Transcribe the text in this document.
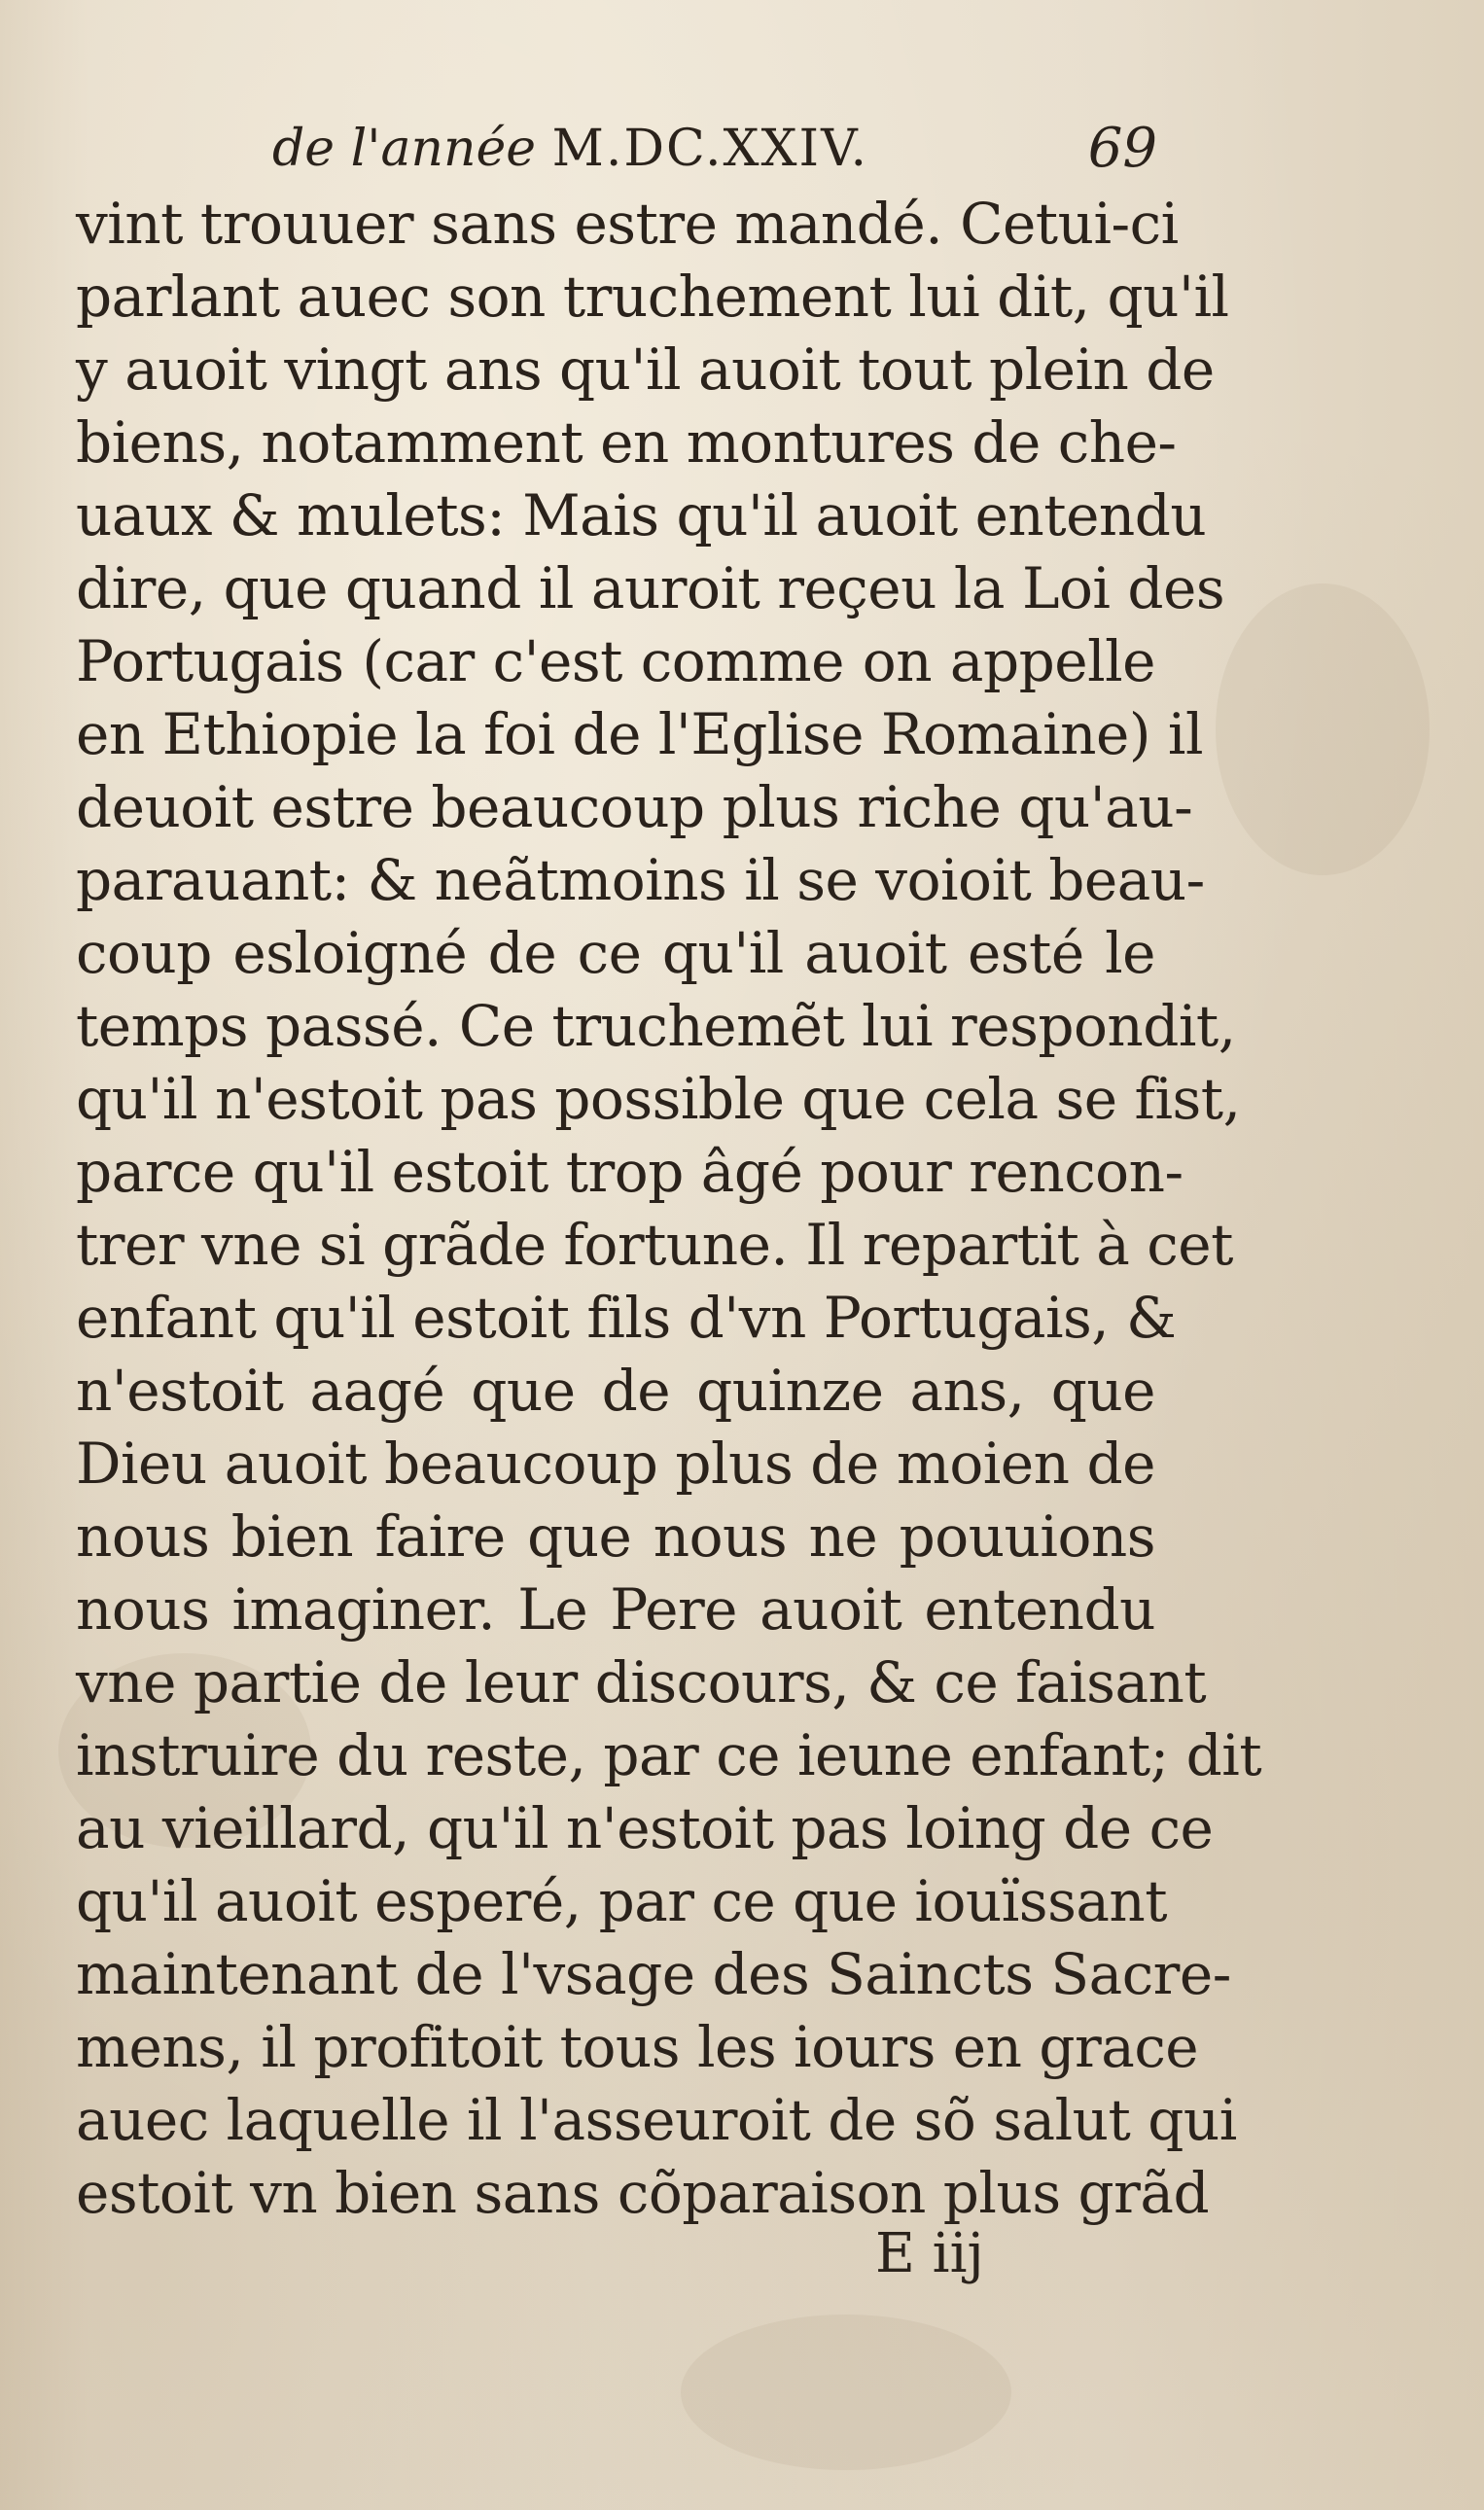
de l'année M.DC.XXIV.	69
vint trouuer sans estre mandé. Cetui-ci
parlant auec son truchement lui dit, qu'il
y auoit vingt ans qu'il auoit tout plein de
biens, notamment en montures de che-
uaux & mulets: Mais qu'il auoit entendu
dire, que quand il auroit reçeu la Loi des
Portugais (car c'est comme on appelle
en Ethiopie la foi de l'Eglise Romaine) il
deuoit estre beaucoup plus riche qu'au-
parauant: & neãtmoins il se voioit beau-
coup esloigné de ce qu'il auoit esté le
temps passé. Ce truchemẽt lui respondit,
qu'il n'estoit pas possible que cela se fist,
parce qu'il estoit trop âgé pour rencon-
trer vne si grãde fortune. Il repartit à cet
enfant qu'il estoit fils d'vn Portugais, &
n'estoit aagé que de quinze ans, que
Dieu auoit beaucoup plus de moien de
nous bien faire que nous ne pouuions
nous imaginer. Le Pere auoit entendu
vne partie de leur discours, & ce faisant
instruire du reste, par ce ieune enfant; dit
au vieillard, qu'il n'estoit pas loing de ce
qu'il auoit esperé, par ce que iouïssant
maintenant de l'vsage des Saincts Sacre-
mens, il profitoit tous les iours en grace
auec laquelle il l'asseuroit de sõ salut qui
estoit vn bien sans cõparaison plus grãd
E iij
